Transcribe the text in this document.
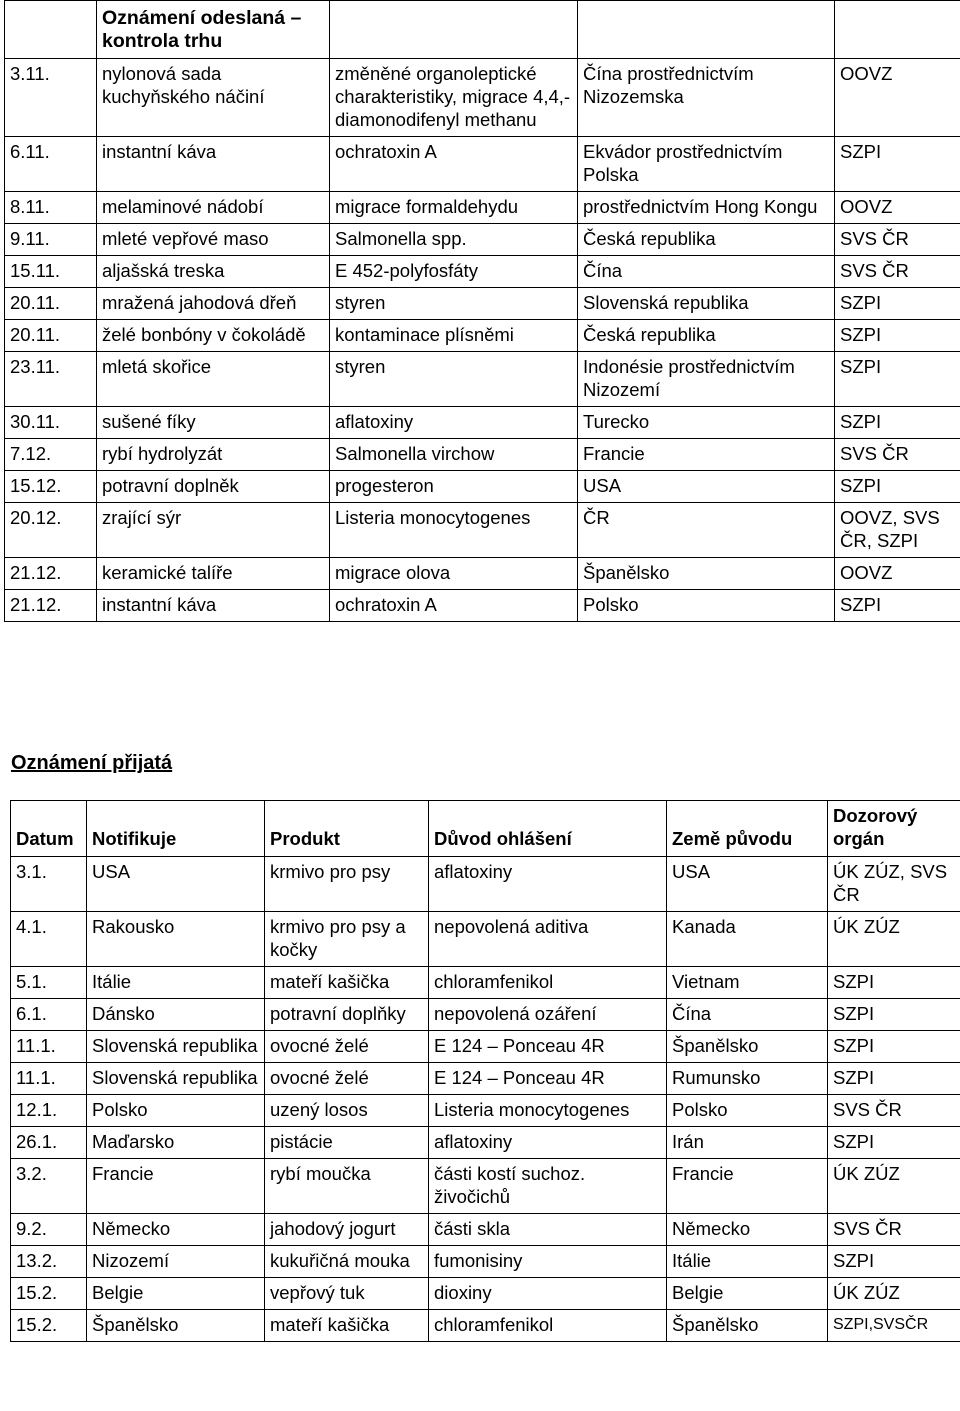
	Oznámení odeslaná – kontrola trhu			
3.11.	nylonová sada kuchyňského náčiní	změněné organoleptické charakteristiky, migrace 4,4,-diamonodifenyl methanu	Čína prostřednictvím Nizozemska	OOVZ
6.11.	instantní káva	ochratoxin A	Ekvádor prostřednictvím Polska	SZPI
8.11.	melaminové nádobí	migrace formaldehydu	prostřednictvím Hong Kongu	OOVZ
9.11.	mleté vepřové maso	Salmonella spp.	Česká republika	SVS ČR
15.11.	aljašská treska	E 452-polyfosfáty	Čína	SVS ČR
20.11.	mražená jahodová dřeň	styren	Slovenská republika	SZPI
20.11.	želé bonbóny v čokoládě	kontaminace plísněmi	Česká republika	SZPI
23.11.	mletá skořice	styren	Indonésie prostřednictvím Nizozemí	SZPI
30.11.	sušené fíky	aflatoxiny	Turecko	SZPI
7.12.	rybí hydrolyzát	Salmonella virchow	Francie	SVS ČR
15.12.	potravní doplněk	progesteron	USA	SZPI
20.12.	zrající sýr	Listeria monocytogenes	ČR	OOVZ, SVS ČR, SZPI
21.12.	keramické talíře	migrace olova	Španělsko	OOVZ
21.12.	instantní káva	ochratoxin A	Polsko	SZPI
Oznámení přijatá
Datum	Notifikuje	Produkt	Důvod ohlášení	Země původu	Dozorový orgán
3.1.	USA	krmivo pro psy	aflatoxiny	USA	ÚK ZÚZ, SVS ČR
4.1.	Rakousko	krmivo pro psy a kočky	nepovolená aditiva	Kanada	ÚK ZÚZ
5.1.	Itálie	mateří kašička	chloramfenikol	Vietnam	SZPI
6.1.	Dánsko	potravní doplňky	nepovolená ozáření	Čína	SZPI
11.1.	Slovenská republika	ovocné želé	E 124 – Ponceau 4R	Španělsko	SZPI
11.1.	Slovenská republika	ovocné želé	E 124 – Ponceau 4R	Rumunsko	SZPI
12.1.	Polsko	uzený losos	Listeria monocytogenes	Polsko	SVS ČR
26.1.	Maďarsko	pistácie	aflatoxiny	Irán	SZPI
3.2.	Francie	rybí moučka	části kostí suchoz. živočichů	Francie	ÚK ZÚZ
9.2.	Německo	jahodový jogurt	části skla	Německo	SVS ČR
13.2.	Nizozemí	kukuřičná mouka	fumonisiny	Itálie	SZPI
15.2.	Belgie	vepřový tuk	dioxiny	Belgie	ÚK ZÚZ
15.2.	Španělsko	mateří kašička	chloramfenikol	Španělsko	SZPI,SVSČR
